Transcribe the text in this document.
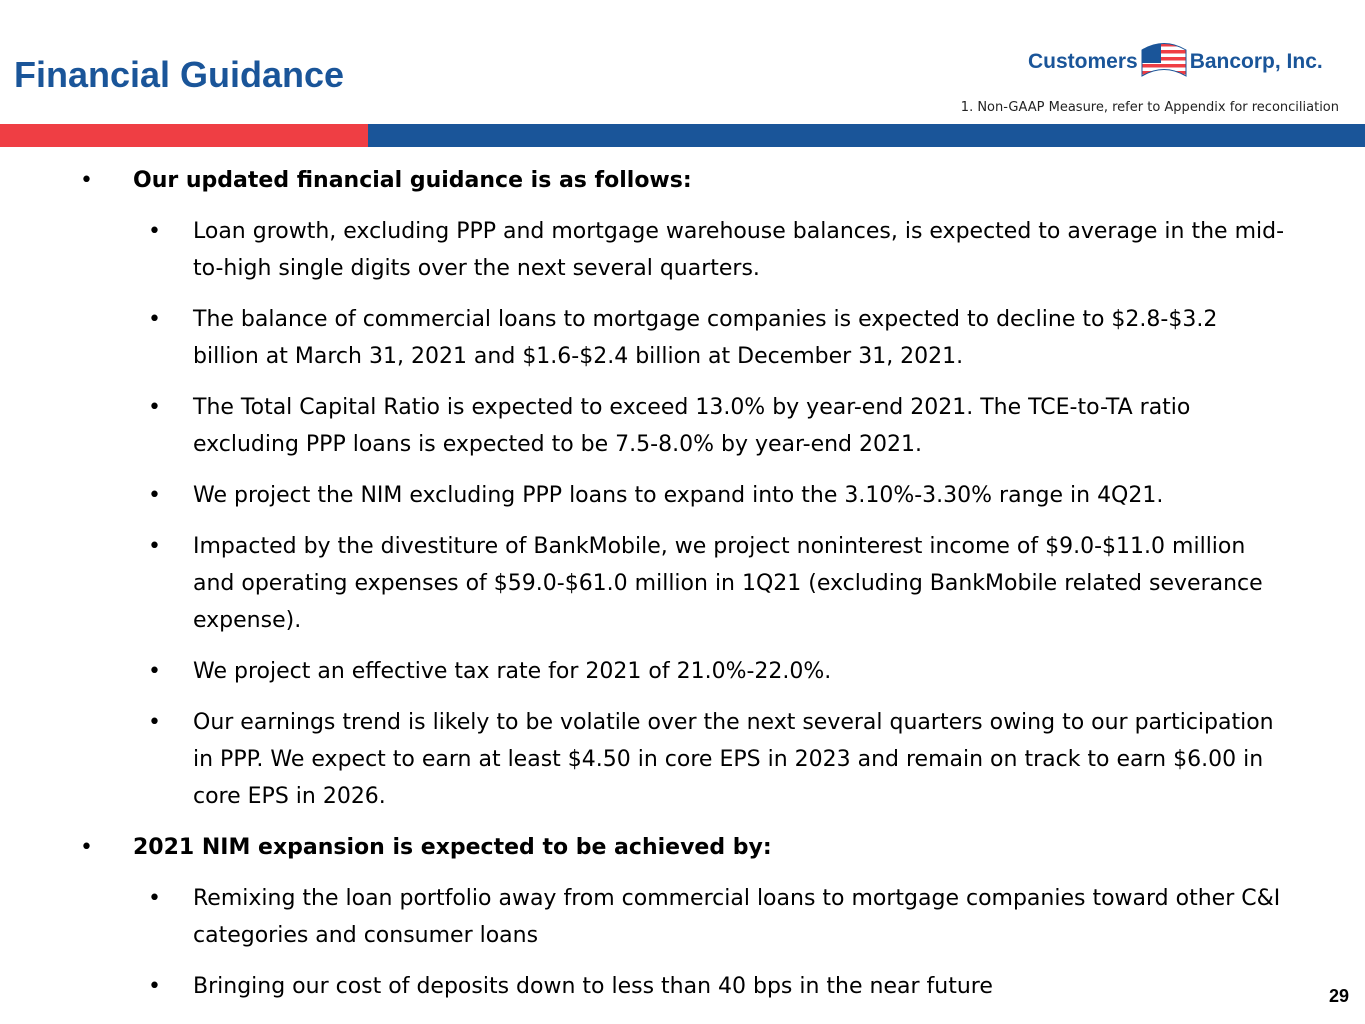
Financial Guidance	Customers Bancorp, Inc.
1. Non-GAAP Measure, refer to Appendix for reconciliation
• Our updated financial guidance is as follows:
• Loan growth, excluding PPP and mortgage warehouse balances, is expected to average in the mid-to-high single digits over the next several quarters.
• The balance of commercial loans to mortgage companies is expected to decline to $2.8-$3.2 billion at March 31, 2021 and $1.6-$2.4 billion at December 31, 2021.
• The Total Capital Ratio is expected to exceed 13.0% by year-end 2021. The TCE-to-TA ratio excluding PPP loans is expected to be 7.5-8.0% by year-end 2021.
• We project the NIM excluding PPP loans to expand into the 3.10%-3.30% range in 4Q21.
• Impacted by the divestiture of BankMobile, we project noninterest income of $9.0-$11.0 million and operating expenses of $59.0-$61.0 million in 1Q21 (excluding BankMobile related severance expense).
• We project an effective tax rate for 2021 of 21.0%-22.0%.
• Our earnings trend is likely to be volatile over the next several quarters owing to our participation in PPP. We expect to earn at least $4.50 in core EPS in 2023 and remain on track to earn $6.00 in core EPS in 2026.
• 2021 NIM expansion is expected to be achieved by:
• Remixing the loan portfolio away from commercial loans to mortgage companies toward other C&I categories and consumer loans
• Bringing our cost of deposits down to less than 40 bps in the near future	29
